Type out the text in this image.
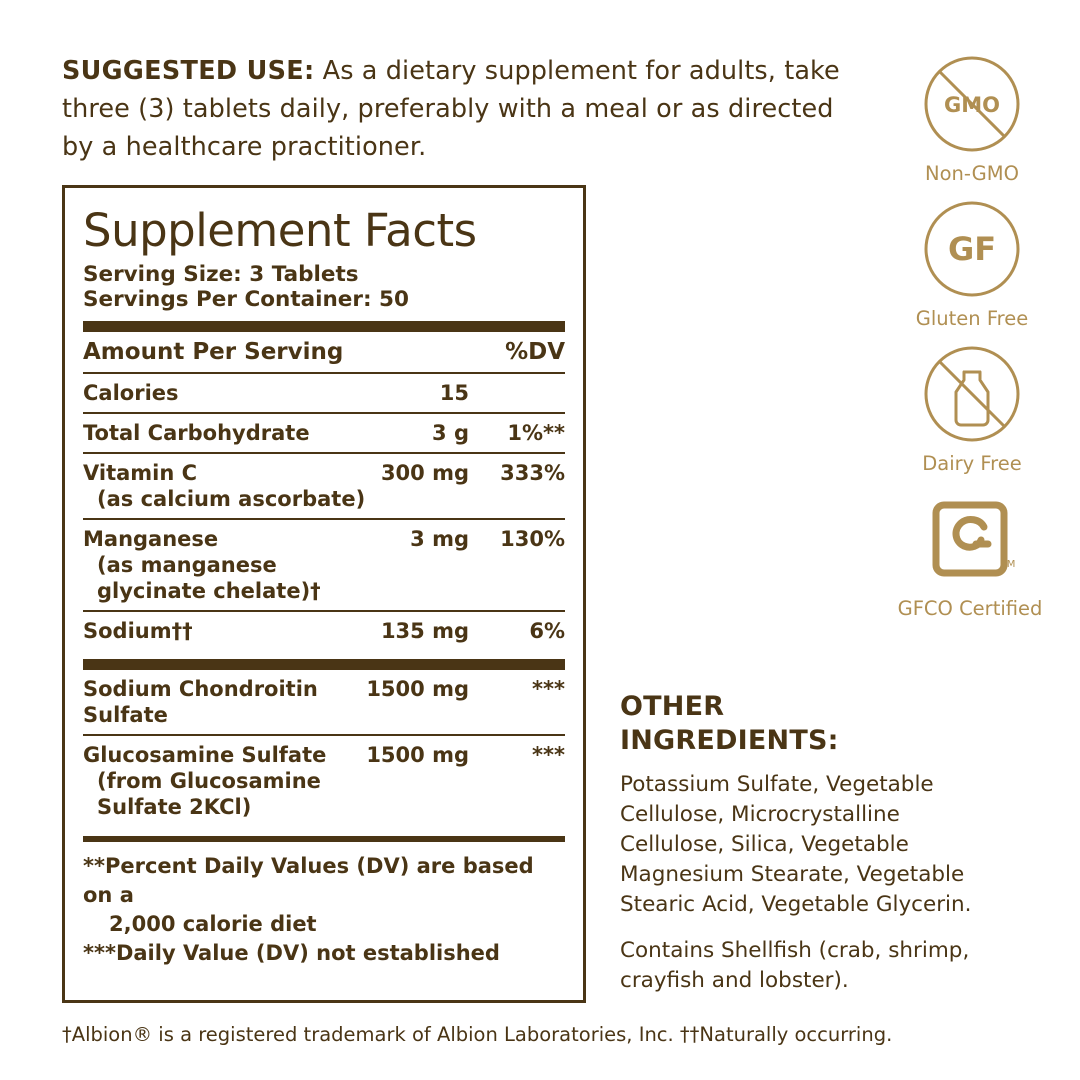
SUGGESTED USE: As a dietary supplement for adults, take three (3) tablets daily, preferably with a meal or as directed by a healthcare practitioner.
Supplement Facts
Serving Size: 3 Tablets
Servings Per Container: 50
Amount Per Serving		%DV

Calories	15	

Total Carbohydrate	3 g	1%**

Vitamin C
(as calcium ascorbate)	300 mg	333%

Manganese
(as manganese glycinate chelate)†	3 mg	130%

Sodium††	135 mg	6%
Sodium Chondroitin Sulfate	1500 mg	***

Glucosamine Sulfate
(from Glucosamine Sulfate 2KCl)	1500 mg	***
**Percent Daily Values (DV) are based on a
2,000 calorie diet
***Daily Value (DV) not established
OTHER
INGREDIENTS:

Potassium Sulfate, Vegetable Cellulose, Microcrystalline Cellulose, Silica, Vegetable Magnesium Stearate, Vegetable Stearic Acid, Vegetable Glycerin.

Contains Shellfish (crab, shrimp, crayfish and lobster).

GMO
Non-GMO
GF
Gluten Free
Dairy Free
TM
GFCO Certified
†Albion® is a registered trademark of Albion Laboratories, Inc. ††Naturally occurring.
